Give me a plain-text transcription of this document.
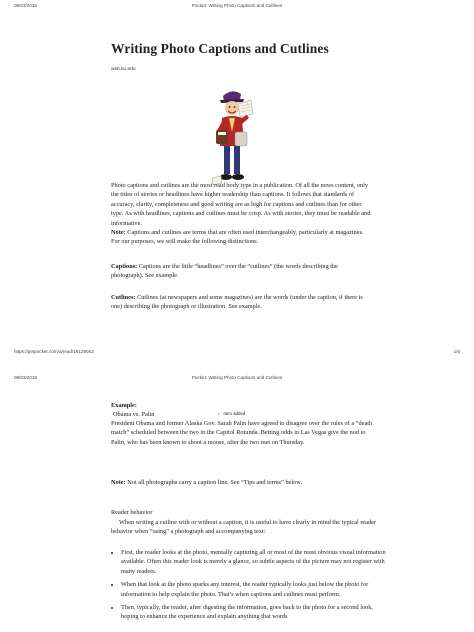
08/03/2018	Pocket: Writing Photo Captions and Cutlines
Writing Photo Captions and Cutlines
web.ku.edu

Photo captions and cutlines are the most read body type in a publication. Of all the news content, only the titles of stories or headlines have higher readership than captions. It follows that standards of accuracy, clarity, completeness and good writing are as high for captions and cutlines than for other type. As with headlines, captions and cutlines must be crisp. As with stories, they must be readable and informative.
Note: Captions and cutlines are terms that are often used interchangeably, particularly at magazines. For our purposes, we will make the following distinctions.

Captions: Captions are the little “headlines” over the “cutlines” (the words describing the photograph). See example.

Cutlines: Cutlines (at newspapers and some magazines) are the words (under the caption, if there is one) describing the photograph or illustration. See example.

https://getpocket.com/a/read/1912906​3	1/6
08/03/2018	Pocket: Writing Photo Captions and Cutlines
Example:
Obama vs. Palin	• Item added

President Obama and former Alaska Gov. Sarah Palin have agreed to disagree over the rules of a “death match” scheduled between the two in the Capitol Rotunda. Betting odds in Las Vegas give the nod to Palin, who has been known to shoot a moose, after the two met on Thursday.

Note: Not all photographs carry a caption line. See “Tips and terms” below.

Reader behavior

When writing a cutline with or without a caption, it is useful to have clearly in mind the typical reader behavior when “using” a photograph and accompanying text:

• First, the reader looks at the photo, mentally capturing all or most of the most obvious visual information available. Often this reader look is merely a glance, so subtle aspects of the picture may not register with many readers.
• When that look at the photo sparks any interest, the reader typically looks just below the photo for information to help explain the photo. That’s when captions and cutlines must perform.
• Then, typically, the reader, after digesting the information, goes back to the photo for a second look, hoping to enhance the experience and explain anything that words
